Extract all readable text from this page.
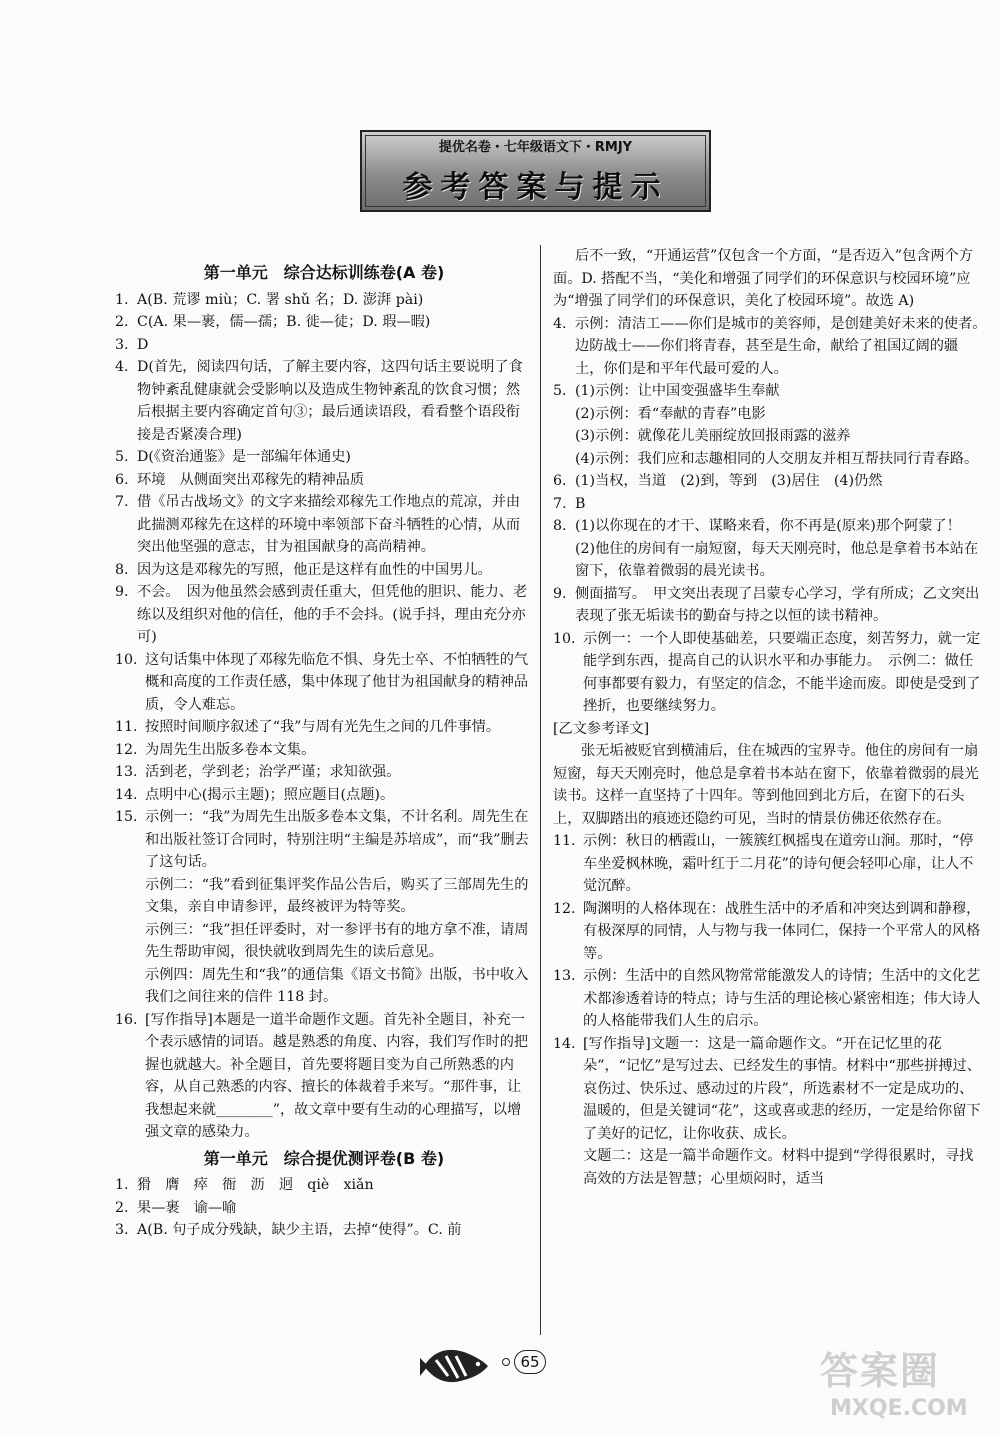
提优名卷・七年级语文下・RMJY
参考答案与提示
第一单元　综合达标训练卷(A 卷)
1. A(B. 荒谬 miù；C. 署 shǔ 名；D. 澎湃 pài)
2. C(A. 果—裹，儒—孺；B. 徙—徒；D. 瑕—暇)
3. D
4. D(首先，阅读四句话，了解主要内容，这四句话主要说明了食物钟紊乱健康就会受影响以及造成生物钟紊乱的饮食习惯；然后根据主要内容确定首句③；最后通读语段，看看整个语段衔接是否紧凑合理)
5. D(《资治通鉴》是一部编年体通史)
6. 环境　从侧面突出邓稼先的精神品质
7. 借《吊古战场文》的文字来描绘邓稼先工作地点的荒凉，并由此揣测邓稼先在这样的环境中率领部下奋斗牺牲的心情，从而突出他坚强的意志，甘为祖国献身的高尚精神。
8. 因为这是邓稼先的写照，他正是这样有血性的中国男儿。
9. 不会。　因为他虽然会感到责任重大，但凭他的胆识、能力、老练以及组织对他的信任，他的手不会抖。(说手抖，理由充分亦可)
10. 这句话集中体现了邓稼先临危不惧、身先士卒、不怕牺牲的气概和高度的工作责任感，集中体现了他甘为祖国献身的精神品质，令人难忘。
11. 按照时间顺序叙述了“我”与周有光先生之间的几件事情。
12. 为周先生出版多卷本文集。
13. 活到老，学到老；治学严谨；求知欲强。
14. 点明中心(揭示主题)；照应题目(点题)。
15. 示例一：“我”为周先生出版多卷本文集，不计名利。周先生在和出版社签订合同时，特别注明“主编是苏培成”，而“我”删去了这句话。
示例二：“我”看到征集评奖作品公告后，购买了三部周先生的文集，亲自申请参评，最终被评为特等奖。
示例三：“我”担任评委时，对一参评书有的地方拿不准，请周先生帮助审阅，很快就收到周先生的读后意见。
示例四：周先生和“我”的通信集《语文书简》出版，书中收入我们之间往来的信件 118 封。
16. [写作指导]本题是一道半命题作文题。首先补全题目，补充一个表示感情的词语。越是熟悉的角度、内容，我们写作时的把握也就越大。补全题目，首先要将题目变为自己所熟悉的内容，从自己熟悉的内容、擅长的体裁着手来写。“那件事，让我想起来就________”，故文章中要有生动的心理描写，以增强文章的感染力。
第一单元　综合提优测评卷(B 卷)
1. 猾　膺　瘁　衙　沥　迥　qiè　xiǎn
2. 果—裹　谕—喻
3. A(B. 句子成分残缺，缺少主语，去掉“使得”。C. 前

后不一致，“开通运营”仅包含一个方面，“是否迈入”包含两个方面。D. 搭配不当，“美化和增强了同学们的环保意识与校园环境”应为“增强了同学们的环保意识，美化了校园环境”。故选 A)

4. 示例：清洁工——你们是城市的美容师，是创建美好未来的使者。　边防战士——你们将青春，甚至是生命，献给了祖国辽阔的疆土，你们是和平年代最可爱的人。
5. (1)示例：让中国变强盛毕生奉献
(2)示例：看“奉献的青春”电影
(3)示例：就像花儿美丽绽放回报雨露的滋养
(4)示例：我们应和志趣相同的人交朋友并相互帮扶同行青春路。
6. (1)当权，当道　(2)到，等到　(3)居住　(4)仍然
7. B
8. (1)以你现在的才干、谋略来看，你不再是(原来)那个阿蒙了！　(2)他住的房间有一扇短窗，每天天刚亮时，他总是拿着书本站在窗下，依靠着微弱的晨光读书。
9. 侧面描写。　甲文突出表现了吕蒙专心学习，学有所成；乙文突出表现了张无垢读书的勤奋与持之以恒的读书精神。
10. 示例一：一个人即使基础差，只要端正态度，刻苦努力，就一定能学到东西，提高自己的认识水平和办事能力。　示例二：做任何事都要有毅力，有坚定的信念，不能半途而废。即使是受到了挫折，也要继续努力。

[乙文参考译文]

张无垢被贬官到横浦后，住在城西的宝界寺。他住的房间有一扇短窗，每天天刚亮时，他总是拿着书本站在窗下，依靠着微弱的晨光读书。这样一直坚持了十四年。等到他回到北方后，在窗下的石头上，双脚踏出的痕迹还隐约可见，当时的情景仿佛还依然存在。

11. 示例：秋日的栖霞山，一簇簇红枫摇曳在道旁山涧。那时，“停车坐爱枫林晚，霜叶红于二月花”的诗句便会轻叩心扉，让人不觉沉醉。
12. 陶渊明的人格体现在：战胜生活中的矛盾和冲突达到调和静穆，有极深厚的同情，人与物与我一体同仁，保持一个平常人的风格等。
13. 示例：生活中的自然风物常常能激发人的诗情；生活中的文化艺术都渗透着诗的特点；诗与生活的理论核心紧密相连；伟大诗人的人格能带我们人生的启示。
14. [写作指导]文题一：这是一篇命题作文。“开在记忆里的花朵”，“记忆”是写过去、已经发生的事情。材料中“那些拼搏过、哀伤过、快乐过、感动过的片段”，所选素材不一定是成功的、温暖的，但是关键词“花”，这或喜或悲的经历，一定是给你留下了美好的记忆，让你收获、成长。
文题二：这是一篇半命题作文。材料中提到“学得很累时，寻找高效的方法是智慧；心里烦闷时，适当
65	答案圈
MXQE.COM
